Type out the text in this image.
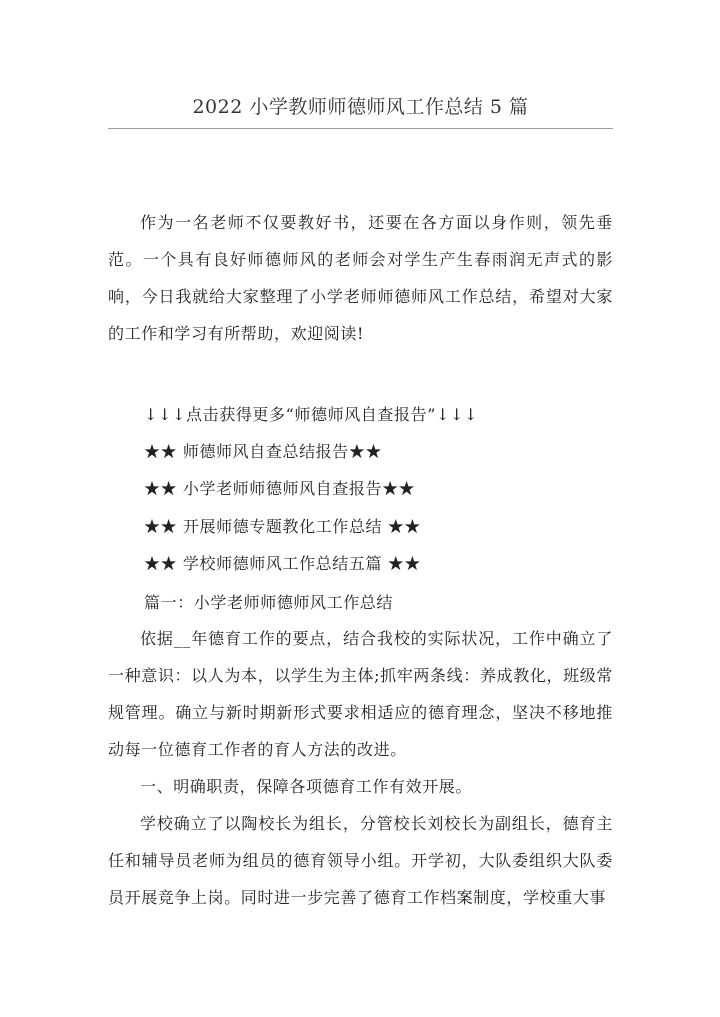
2022 小学教师师德师风工作总结 5 篇

作为一名老师不仅要教好书，还要在各方面以身作则，领先垂范。一个具有良好师德师风的老师会对学生产生春雨润无声式的影响，今日我就给大家整理了小学老师师德师风工作总结，希望对大家的工作和学习有所帮助，欢迎阅读!

↓↓↓点击获得更多“师德师风自查报告”↓↓↓
★★ 师德师风自查总结报告★★
★★ 小学老师师德师风自查报告★★
★★ 开展师德专题教化工作总结 ★★
★★ 学校师德师风工作总结五篇 ★★
篇一：小学老师师德师风工作总结

依据__年德育工作的要点，结合我校的实际状况，工作中确立了一种意识：以人为本，以学生为主体;抓牢两条线：养成教化，班级常规管理。确立与新时期新形式要求相适应的德育理念，坚决不移地推动每一位德育工作者的育人方法的改进。

一、明确职责，保障各项德育工作有效开展。

学校确立了以陶校长为组长，分管校长刘校长为副组长，德育主任和辅导员老师为组员的德育领导小组。开学初，大队委组织大队委员开展竞争上岗。同时进一步完善了德育工作档案制度，学校重大事
